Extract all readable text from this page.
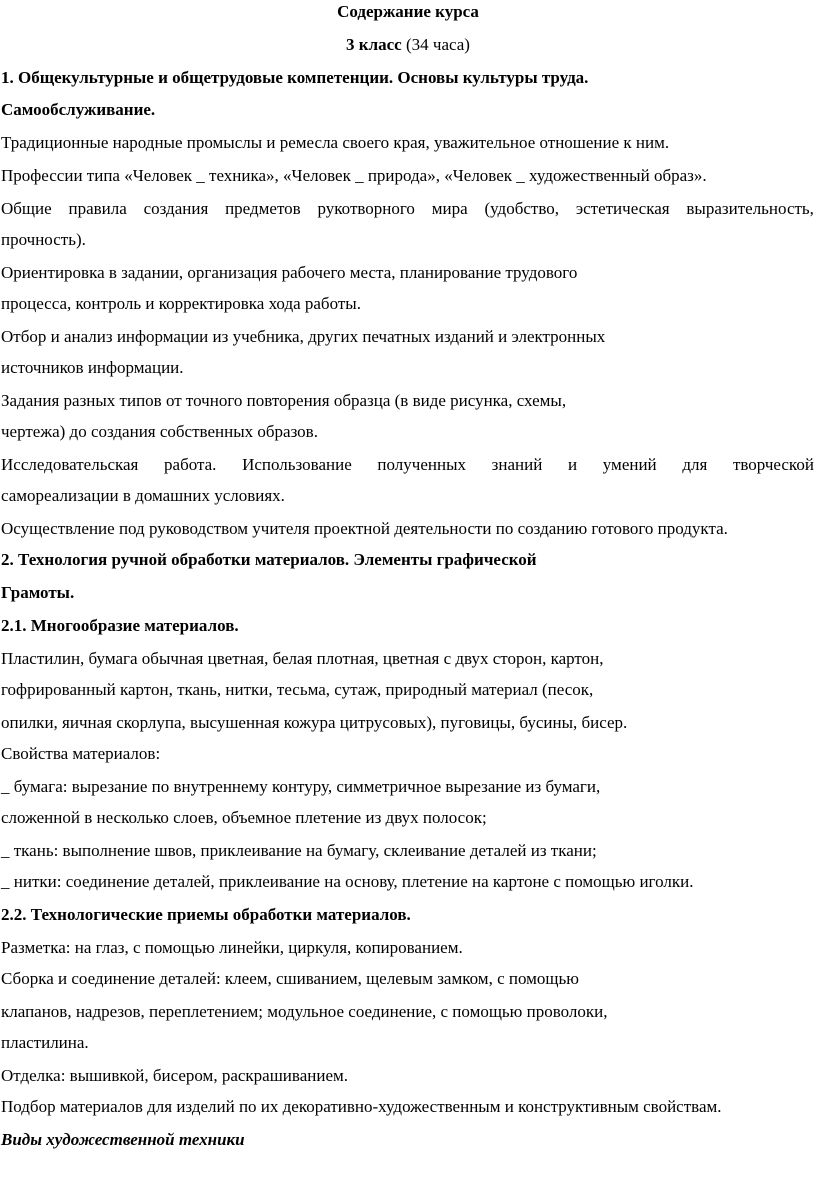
Содержание курса
3 класс (34 часа)
1. Общекультурные и общетрудовые компетенции. Основы культуры труда.
Самообслуживание.
Традиционные народные промыслы и ремесла своего края, уважительное отношение к ним.
Профессии типа «Человек _ техника», «Человек _ природа», «Человек _ художественный образ».
Общие правила создания предметов рукотворного мира (удобство, эстетическая выразительность,
прочность).
Ориентировка в задании, организация рабочего места, планирование трудового
процесса, контроль и корректировка хода работы.
Отбор и анализ информации из учебника, других печатных изданий и электронных
источников информации.
Задания разных типов от точного повторения образца (в виде рисунка, схемы,
чертежа) до создания собственных образов.
Исследовательская работа. Использование полученных знаний и умений для творческой
самореализации в домашних условиях.
Осуществление под руководством учителя проектной деятельности по созданию готового продукта.
2. Технология ручной обработки материалов. Элементы графической
Грамоты.
2.1. Многообразие материалов.
Пластилин, бумага обычная цветная, белая плотная, цветная с двух сторон, картон,
гофрированный картон, ткань, нитки, тесьма, сутаж, природный материал (песок,
опилки, яичная скорлупа, высушенная кожура цитрусовых), пуговицы, бусины, бисер.
Свойства материалов:
_ бумага: вырезание по внутреннему контуру, симметричное вырезание из бумаги,
сложенной в несколько слоев, объемное плетение из двух полосок;
_ ткань: выполнение швов, приклеивание на бумагу, склеивание деталей из ткани;
_ нитки: соединение деталей, приклеивание на основу, плетение на картоне с помощью иголки.
2.2. Технологические приемы обработки материалов.
Разметка: на глаз, с помощью линейки, циркуля, копированием.
Сборка и соединение деталей: клеем, сшиванием, щелевым замком, с помощью
клапанов, надрезов, переплетением; модульное соединение, с помощью проволоки,
пластилина.
Отделка: вышивкой, бисером, раскрашиванием.
Подбор материалов для изделий по их декоративно-художественным и конструктивным свойствам.
Виды художественной техники
